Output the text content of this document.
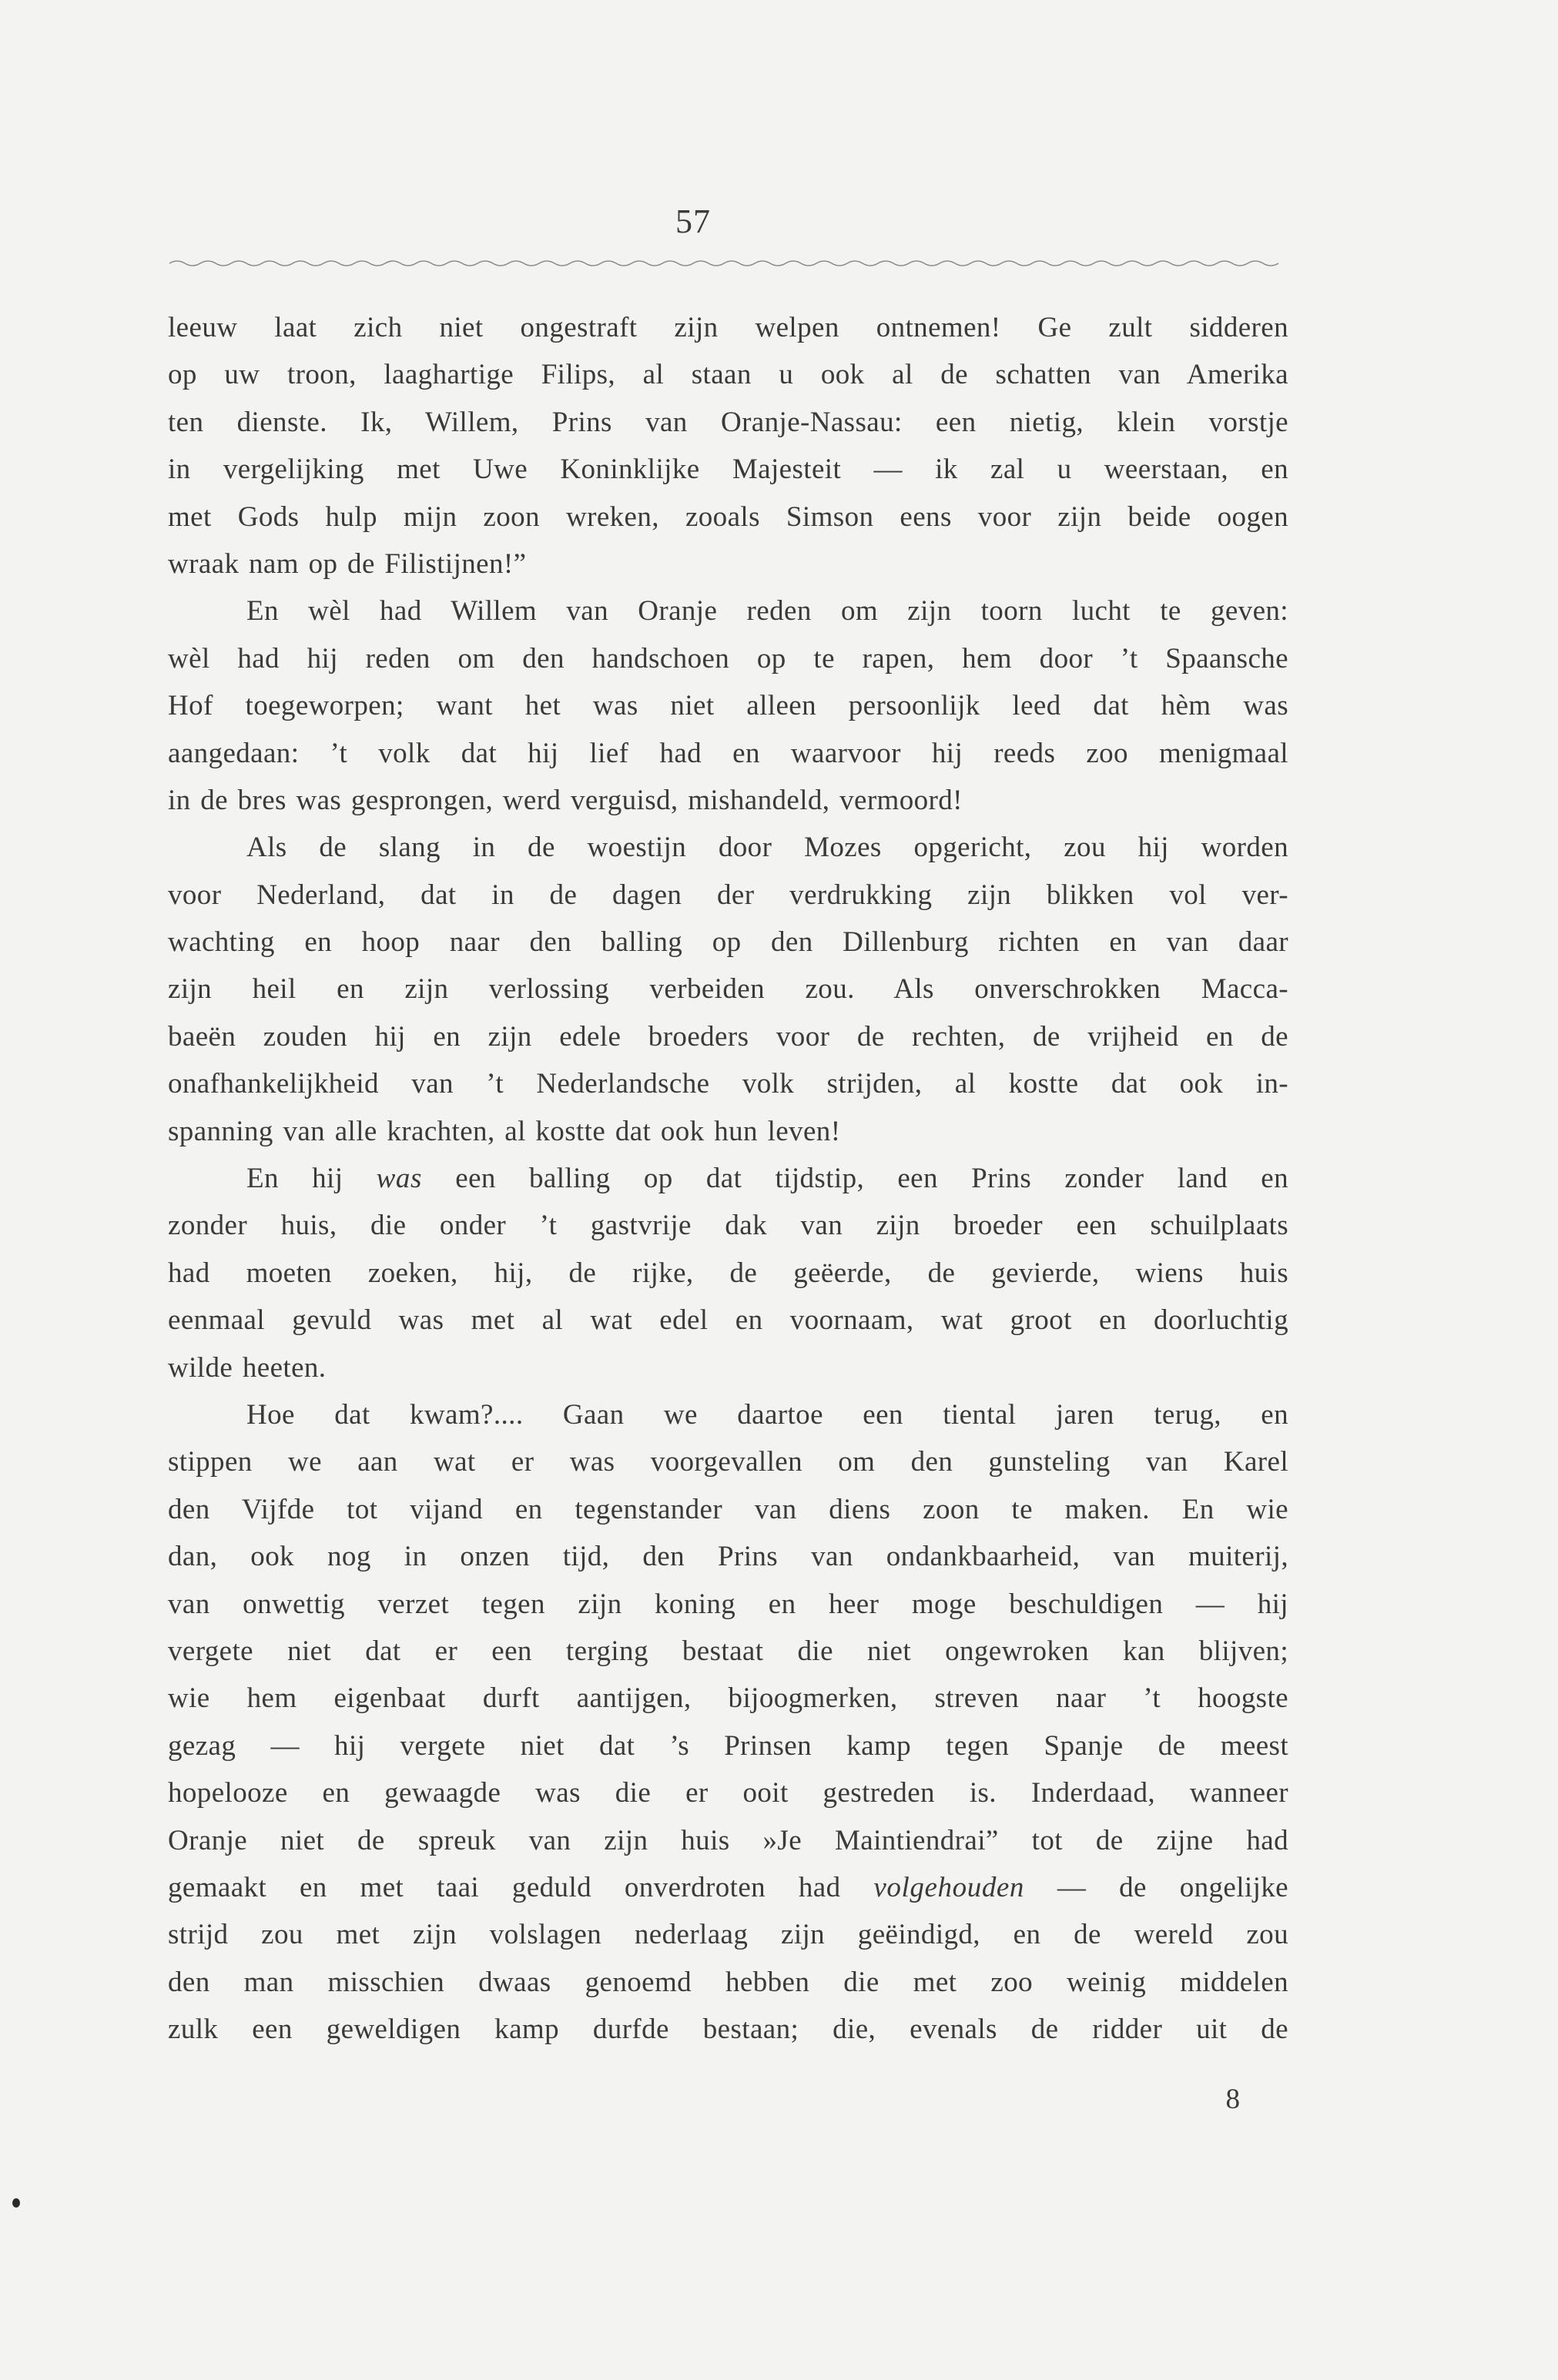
57
leeuw laat zich niet ongestraft zijn welpen ontnemen! Ge zult sidderen
op uw troon, laaghartige Filips, al staan u ook al de schatten van Amerika
ten dienste. Ik, Willem, Prins van Oranje-Nassau: een nietig, klein vorstje
in vergelijking met Uwe Koninklijke Majesteit — ik zal u weerstaan, en
met Gods hulp mijn zoon wreken, zooals Simson eens voor zijn beide oogen
wraak nam op de Filistijnen!”
En wèl had Willem van Oranje reden om zijn toorn lucht te geven:
wèl had hij reden om den handschoen op te rapen, hem door ’t Spaansche
Hof toegeworpen; want het was niet alleen persoonlijk leed dat hèm was
aangedaan: ’t volk dat hij lief had en waarvoor hij reeds zoo menigmaal
in de bres was gesprongen, werd verguisd, mishandeld, vermoord!
Als de slang in de woestijn door Mozes opgericht, zou hij worden
voor Nederland, dat in de dagen der verdrukking zijn blikken vol ver-
wachting en hoop naar den balling op den Dillenburg richten en van daar
zijn heil en zijn verlossing verbeiden zou. Als onverschrokken Macca-
baeën zouden hij en zijn edele broeders voor de rechten, de vrijheid en de
onafhankelijkheid van ’t Nederlandsche volk strijden, al kostte dat ook in-
spanning van alle krachten, al kostte dat ook hun leven!
En hij was een balling op dat tijdstip, een Prins zonder land en
zonder huis, die onder ’t gastvrije dak van zijn broeder een schuilplaats
had moeten zoeken, hij, de rijke, de geëerde, de gevierde, wiens huis
eenmaal gevuld was met al wat edel en voornaam, wat groot en doorluchtig
wilde heeten.
Hoe dat kwam?.... Gaan we daartoe een tiental jaren terug, en
stippen we aan wat er was voorgevallen om den gunsteling van Karel
den Vijfde tot vijand en tegenstander van diens zoon te maken. En wie
dan, ook nog in onzen tijd, den Prins van ondankbaarheid, van muiterij,
van onwettig verzet tegen zijn koning en heer moge beschuldigen — hij
vergete niet dat er een terging bestaat die niet ongewroken kan blijven;
wie hem eigenbaat durft aantijgen, bijoogmerken, streven naar ’t hoogste
gezag — hij vergete niet dat ’s Prinsen kamp tegen Spanje de meest
hopelooze en gewaagde was die er ooit gestreden is. Inderdaad, wanneer
Oranje niet de spreuk van zijn huis »Je Maintiendrai” tot de zijne had
gemaakt en met taai geduld onverdroten had volgehouden — de ongelijke
strijd zou met zijn volslagen nederlaag zijn geëindigd, en de wereld zou
den man misschien dwaas genoemd hebben die met zoo weinig middelen
zulk een geweldigen kamp durfde bestaan; die, evenals de ridder uit de
8
